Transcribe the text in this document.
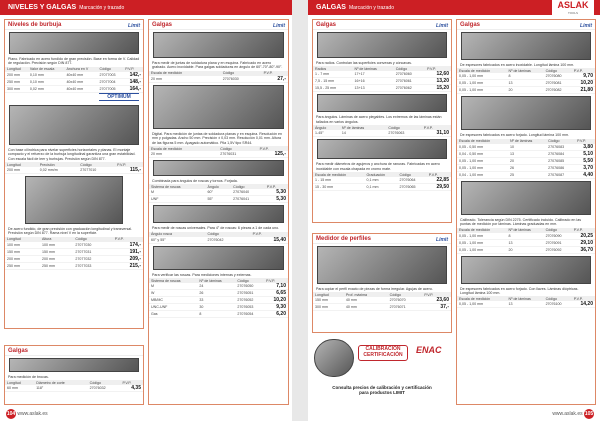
NIVELES Y GALGAS Marcación y trazado	GALGAS Marcación y trazado	ASLAK
TOOLS
Niveles de burbuja	Limit
Plano. Fabricado en acero fundido de gran precisión. Base en forma de V. Calidad de regulación. Precisión según DIN 877.
Longitud	Valor de escala	Anchura en V	Código	P.V.P.
200 mm	0,10 mm	40x40 mm	27077003	142,-
250 mm	0,10 mm	40x40 mm	27077004	148,-
300 mm	0,02 mm	40x40 mm	27077005	164,-
OPTIMUM
Con base cilíndrica para nivelar superficies horizontales y planas. El montaje compacto y el refuerzo de la burbuja longitudinal garantiza una gran estabilidad. Con escala fácil de leer y burbujas. Precisión según DIN 877.
Longitud	Precisión	Código	P.V.P.
200 mm	0,02 mm/m	27077010	115,-
De acero fundido, de gran precisión con graduación longitudinal y transversal. Precisión según DIN 877. Rama nivel V en la superficie.
Longitud	Altura	Código	P.V.P.
100 mm	100 mm	27077030	174,-
150 mm	150 mm	27077031	191,-
200 mm	200 mm	27077032	209,-
250 mm	250 mm	27077033	215,-
Galgas
Para medición de brocas.
Longitud	Diámetro de corte	Código	P.V.P.
60 mm	118°	27076032	4,35
Galgas	Limit
Para medir de juntas de soldadura plana y en esquina. Fabricado en acero grabado. Acero inoxidable. Para galgas soldaduras en ángulo de 60°-70°-80°-90°.
Escala de medición	Código	P.V.P.
20 mm	27076030	27,-
Digital. Para medición de juntas de soldadura planas y en esquina. Resolución en mm y pulgadas. Ancho 50 mm. Precisión ± 0,03 mm. Resolución 0,01 mm. Altura de las figuras 5 mm. Apagado automático. Pila 1,5V tipo SR44.
Escala de medición	Código	P.V.P.
20 mm	27076031	125,-
Combinada para ángulos de roscas y tornos. Forjada.
Sistema de roscas	Ángulo	Código	P.V.P.
M	60°	27076040	5,30
UNF	55°	27076041	5,30
Para medir de roscas universales. Para 4° de roscas: 6 piezas a 1 de cada uno.
Ángulo rosca	Código	P.V.P.
60° y 55°	27076042	15,40
Para verificar las roscas. Para mediciones internas y externas.
Sistema de roscas	Nº de láminas	Código	P.V.P.
M	24	27076050	7,10
W	26	27076051	6,65
MB/MC	33	27076052	10,20
UNC-UNF	30	27076053	9,30
Gas	8	27076054	6,20
Galgas	Limit
Para radios. Controlan las superficies convexas y cóncavas.
Radios	Nº de láminas	Código	P.V.P.
1 - 7 mm	17+17	27076060	12,60
7,5 - 15 mm	16+16	27076061	13,20
15,5 - 25 mm	13+13	27076062	15,20
Para ángulos. Láminas de acero plegables. Los extremos de las láminas están tallados en varios ángulos.
Ángulo	Nº de láminas	Código	P.V.P.
1-45°	14	27076063	31,10
Para medir diámetros de agujeros y anchura de ranuras. Fabricadas en acero inoxidable con escala chapada en cromo mate.
Escala de medición	Graduación	Código	P.V.P.
1 - 15 mm	0,1 mm	27076064	22,85
15 - 30 mm	0,1 mm	27076065	29,50
Medidor de perfiles	Limit
Para copiar el perfil exacto de piezas de forma irregular. Agujas de acero.
Longitud	Prof. máxima	Código	P.V.P.
150 mm	40 mm	27076070	23,60
300 mm	40 mm	27076071	37,-
CALIBRACIÓN
CERTIFICACIÓN	ENAC
Consulta precios de calibración y certificación
para productos LIMIT
Galgas	Limit
De espesores fabricados en acero inoxidable. Longitud lámina 100 mm.
Escala de medición	Nº de láminas	Código	P.V.P.
0,05 - 1,00 mm	8	27076080	9,70
0,05 - 1,00 mm	13	27076081	10,20
0,05 - 1,00 mm	20	27076082	21,80
De espesores fabricados en acero forjado. Longitud lámina 100 mm.
Escala de medición	Nº de láminas	Código	P.V.P.
0,05 - 0,50 mm	10	27076083	3,80
0,04 - 0,50 mm	13	27076084	5,10
0,05 - 1,00 mm	20	27076085	5,50
0,05 - 1,00 mm	26	27076086	3,70
0,04 - 1,00 mm	25	27076087	4,40
Calibrado. Tolerancia según DIN 2275. Certificado incluido. Calibrado en las puntas de medición por láminas. Láminas graduadas en mm.
Escala de medición	Nº de láminas	Código	P.V.P.
0,05 - 1,00 mm	8	27076090	20,25
0,05 - 1,00 mm	13	27076091	29,10
0,05 - 1,00 mm	20	27076092	36,70
De espesores fabricados en acero forjado. Con llaves. Láminas dióptricas. Longitud lámina 100 mm.
Escala de medición	Nº de láminas	Código	P.V.P.
0,05 - 1,00 mm	13	27076100	14,20
104 www.aslak.es	www.aslak.es 105
